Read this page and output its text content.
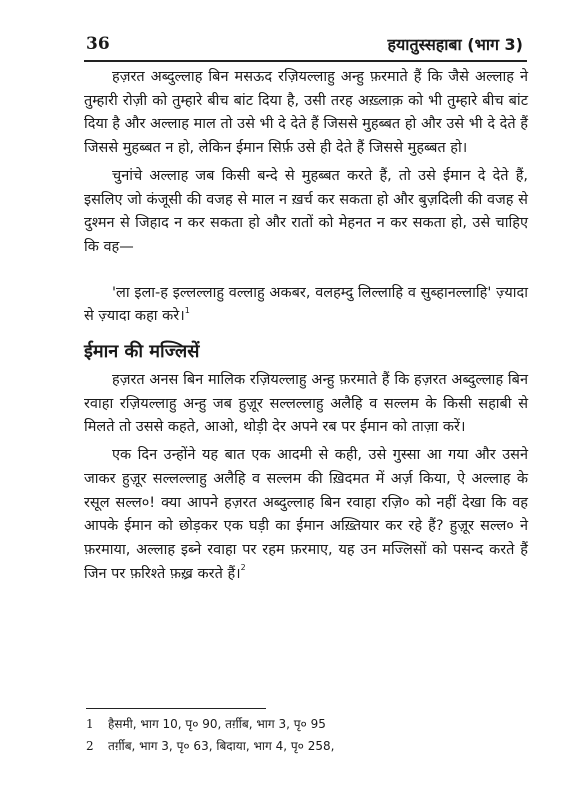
36	हयातुस्सहाबा (भाग 3)

हज़रत अब्दुल्लाह बिन मसऊद रज़ियल्लाहु अन्हु फ़रमाते हैं कि जैसे अल्लाह ने तुम्हारी रोज़ी को तुम्हारे बीच बांट दिया है, उसी तरह अख़्लाक़ को भी तुम्हारे बीच बांट दिया है और अल्लाह माल तो उसे भी दे देते हैं जिससे मुहब्बत हो और उसे भी दे देते हैं जिससे मुहब्बत न हो, लेकिन ईमान सिर्फ़ उसे ही देते हैं जिससे मुहब्बत हो।

चुनांचे अल्लाह जब किसी बन्दे से मुहब्बत करते हैं, तो उसे ईमान दे देते हैं, इसलिए जो कंजूसी की वजह से माल न ख़र्च कर सकता हो और बुज़दिली की वजह से दुश्मन से जिहाद न कर सकता हो और रातों को मेहनत न कर सकता हो, उसे चाहिए कि वह—

'ला इला-ह इल्लल्लाहु वल्लाहु अकबर, वलहम्दु लिल्लाहि व सुब्हानल्लाहि' ज़्यादा से ज़्यादा कहा करे।$^1$

ईमान की मज्लिसें

हज़रत अनस बिन मालिक रज़ियल्लाहु अन्हु फ़रमाते हैं कि हज़रत अब्दुल्लाह बिन रवाहा रज़ियल्लाहु अन्हु जब हुज़ूर सल्लल्लाहु अलैहि व सल्लम के किसी सहाबी से मिलते तो उससे कहते, आओ, थोड़ी देर अपने रब पर ईमान को ताज़ा करें।

एक दिन उन्होंने यह बात एक आदमी से कही, उसे गुस्सा आ गया और उसने जाकर हुज़ूर सल्लल्लाहु अलैहि व सल्लम की ख़िदमत में अर्ज़ किया, ऐ अल्लाह के रसूल सल्ल०! क्या आपने हज़रत अब्दुल्लाह बिन रवाहा रज़ि० को नहीं देखा कि वह आपके ईमान को छोड़कर एक घड़ी का ईमान अख़्तियार कर रहे हैं? हुज़ूर सल्ल० ने फ़रमाया, अल्लाह इब्ने रवाहा पर रहम फ़रमाए, यह उन मज्लिसों को पसन्द करते हैं जिन पर फ़रिश्ते फ़ख़्र करते हैं।$^2$

1	हैसमी, भाग 10, पृ० 90, तर्ग़ीब, भाग 3, पृ० 95
2	तर्ग़ीब, भाग 3, पृ० 63, बिदाया, भाग 4, पृ० 258,
